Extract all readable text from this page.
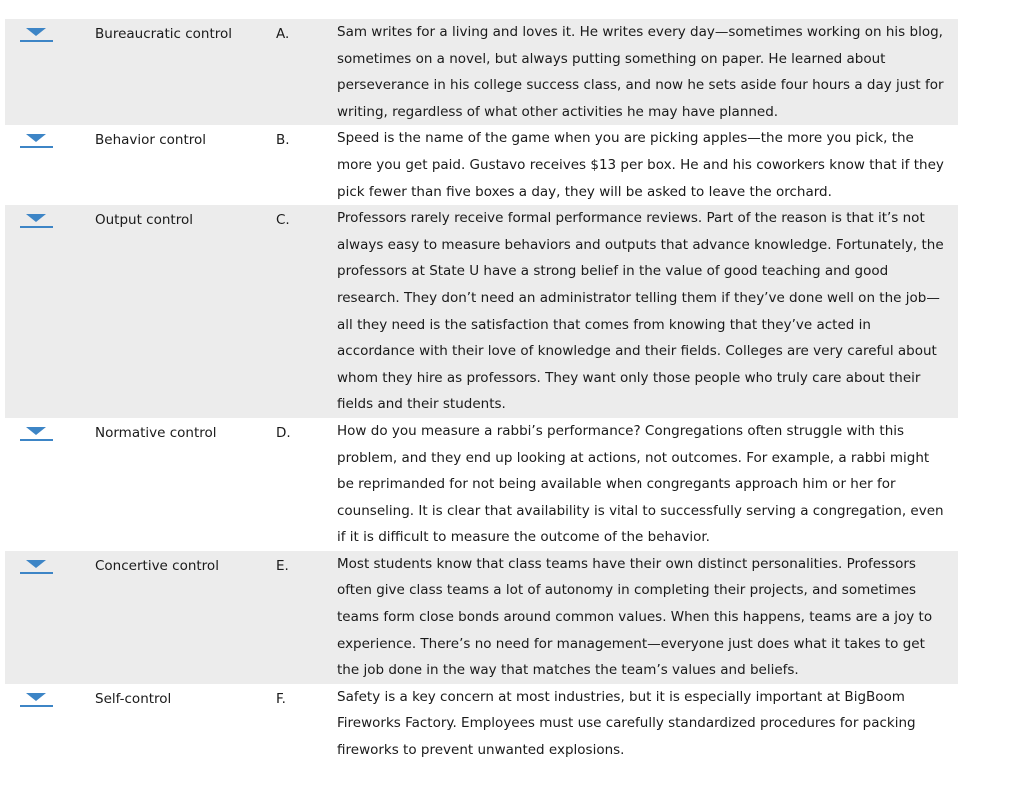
Bureaucratic control	A.	Sam writes for a living and loves it. He writes every day—sometimes working on his blog, sometimes on a novel, but always putting something on paper. He learned about perseverance in his college success class, and now he sets aside four hours a day just for writing, regardless of what other activities he may have planned.
Behavior control	B.	Speed is the name of the game when you are picking apples—the more you pick, the more you get paid. Gustavo receives $13 per box. He and his coworkers know that if they pick fewer than five boxes a day, they will be asked to leave the orchard.
Output control	C.	Professors rarely receive formal performance reviews. Part of the reason is that it’s not always easy to measure behaviors and outputs that advance knowledge. Fortunately, the professors at State U have a strong belief in the value of good teaching and good research. They don’t need an administrator telling them if they’ve done well on the job—all they need is the satisfaction that comes from knowing that they’ve acted in accordance with their love of knowledge and their fields. Colleges are very careful about whom they hire as professors. They want only those people who truly care about their fields and their students.
Normative control	D.	How do you measure a rabbi’s performance? Congregations often struggle with this problem, and they end up looking at actions, not outcomes. For example, a rabbi might be reprimanded for not being available when congregants approach him or her for counseling. It is clear that availability is vital to successfully serving a congregation, even if it is difficult to measure the outcome of the behavior.
Concertive control	E.	Most students know that class teams have their own distinct personalities. Professors often give class teams a lot of autonomy in completing their projects, and sometimes teams form close bonds around common values. When this happens, teams are a joy to experience. There’s no need for management—everyone just does what it takes to get the job done in the way that matches the team’s values and beliefs.
Self-control	F.	Safety is a key concern at most industries, but it is especially important at BigBoom Fireworks Factory. Employees must use carefully standardized procedures for packing fireworks to prevent unwanted explosions.
